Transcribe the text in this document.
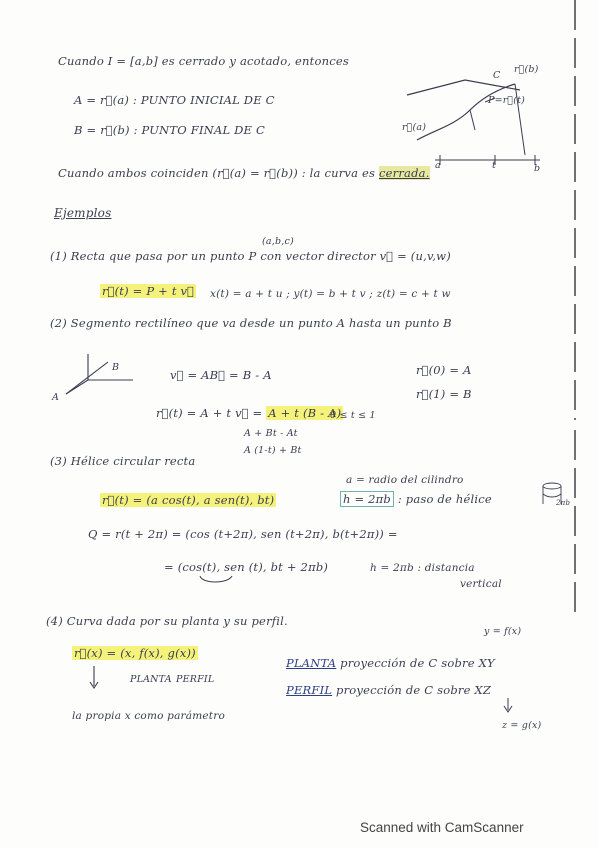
Cuando I = [a,b] es cerrado y acotado, entonces
A = r⃗(a) : PUNTO INICIAL DE C
B = r⃗(b) : PUNTO FINAL DE C
Cuando ambos coinciden (r⃗(a) = r⃗(b)) : la curva es cerrada.
C
r⃗(b)
P=r⃗(t)
r⃗(a)
a	t	b
Ejemplos
(a,b,c)
(1) Recta que pasa por un punto P con vector director v⃗ = (u,v,w)
r⃗(t) = P + t v⃗ x(t) = a + t u ; y(t) = b + t v ; z(t) = c + t w
(2) Segmento rectilíneo que va desde un punto A hasta un punto B
B
A
v⃗ = AB⃗ = B - A	r⃗(0) = A
r⃗(1) = B
r⃗(t) = A + t v⃗ = A + t (B - A)
0 ≤ t ≤ 1
A + Bt - At
A (1-t) + Bt
(3) Hélice circular recta
a = radio del cilindro
r⃗(t) = (a cos(t), a sen(t), bt)	h = 2πb : paso de hélice	2πb
Q = r(t + 2π) = (cos (t+2π), sen (t+2π), b(t+2π)) =
= (cos(t), sen (t), bt + 2πb)	h = 2πb : distancia
vertical
(4) Curva dada por su planta y su perfil.
y = f(x)
r⃗(x) = (x, f(x), g(x))
PLANTA PERFIL
PLANTA proyección de C sobre XY
PERFIL proyección de C sobre XZ
z = g(x)
la propia x como parámetro
Scanned with CamScanner
